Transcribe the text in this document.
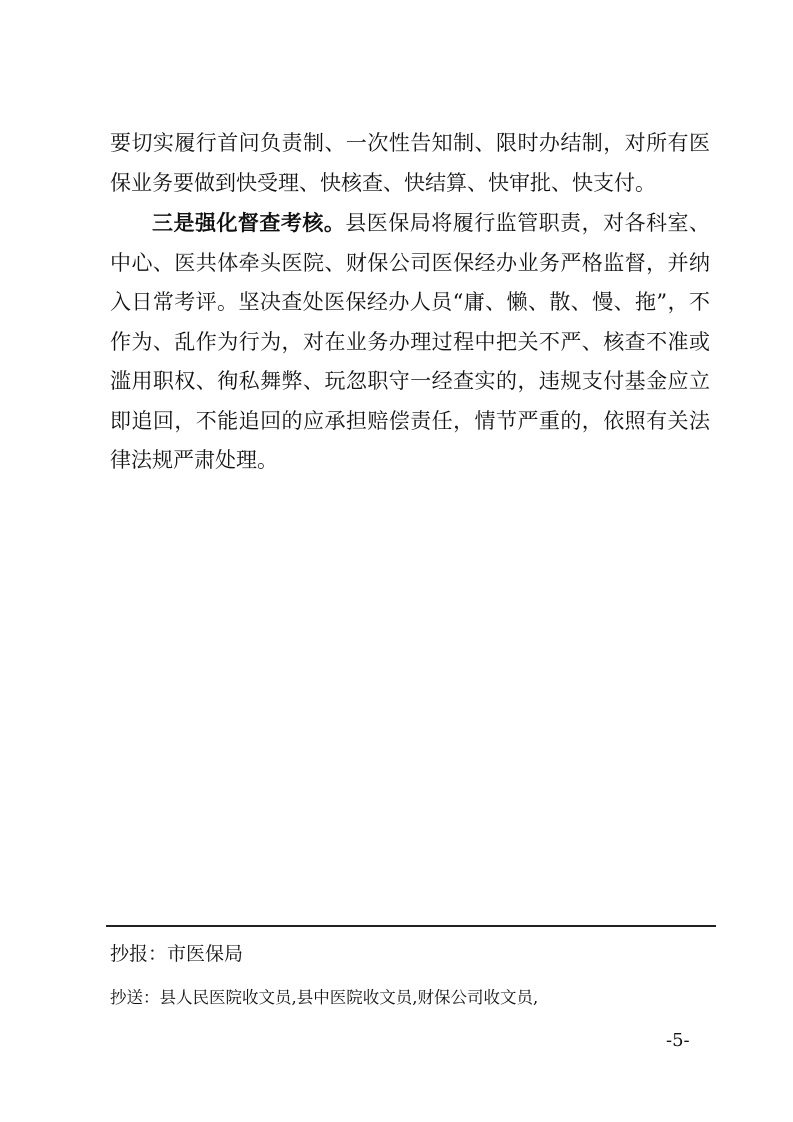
要切实履行首问负责制、一次性告知制、限时办结制，对所有医保业务要做到快受理、快核查、快结算、快审批、快支付。

三是强化督查考核。县医保局将履行监管职责，对各科室、中心、医共体牵头医院、财保公司医保经办业务严格监督，并纳入日常考评。坚决查处医保经办人员“庸、懒、散、慢、拖”，不作为、乱作为行为，对在业务办理过程中把关不严、核查不准或滥用职权、徇私舞弊、玩忽职守一经查实的，违规支付基金应立即追回，不能追回的应承担赔偿责任，情节严重的，依照有关法律法规严肃处理。

抄报：市医保局
抄送：县人民医院收文员,县中医院收文员,财保公司收文员,
-5-
